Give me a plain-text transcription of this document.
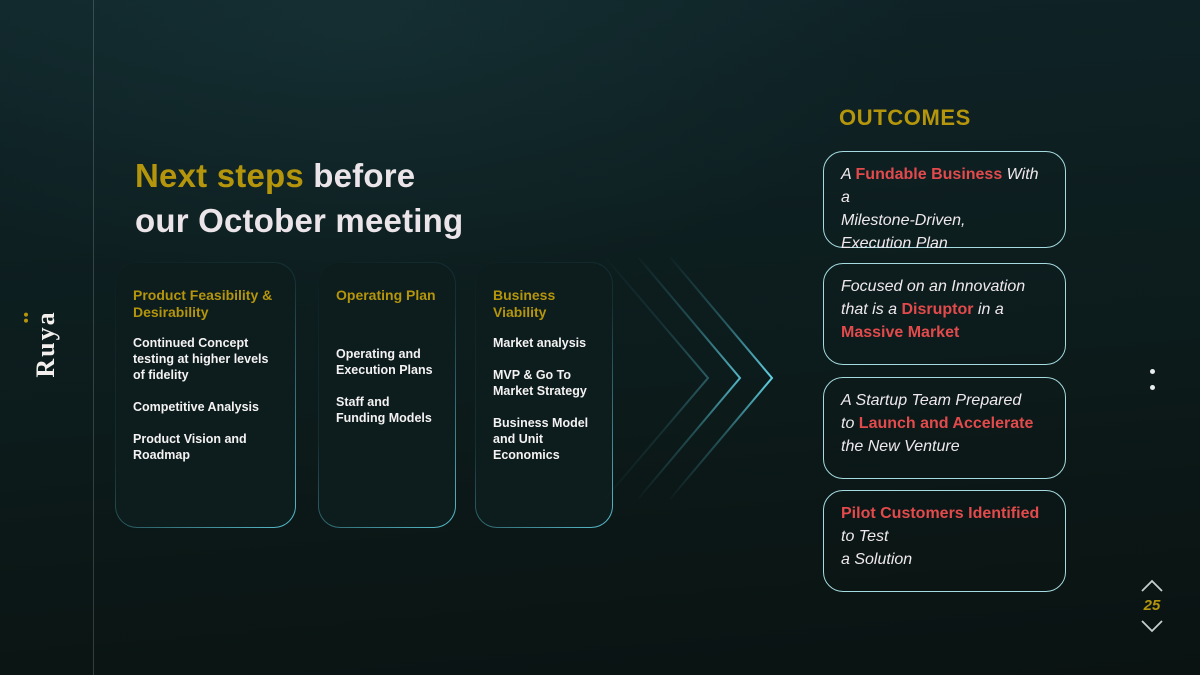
Ruy
a
Next steps before
our October meeting

Product Feasibility & Desirability

Continued Concept testing at higher levels of fidelity

Competitive Analysis

Product Vision and Roadmap

Operating Plan

Operating and Execution Plans

Staff and Funding Models

Business Viability

Market analysis

MVP & Go To Market Strategy

Business Model and Unit Economics

OUTCOMES

A Fundable Business With a
Milestone-Driven,
Execution Plan

Focused on an Innovation
that is a Disruptor in a
Massive Market

A Startup Team Prepared
to Launch and Accelerate
the New Venture

Pilot Customers Identified
to Test
a Solution

25
